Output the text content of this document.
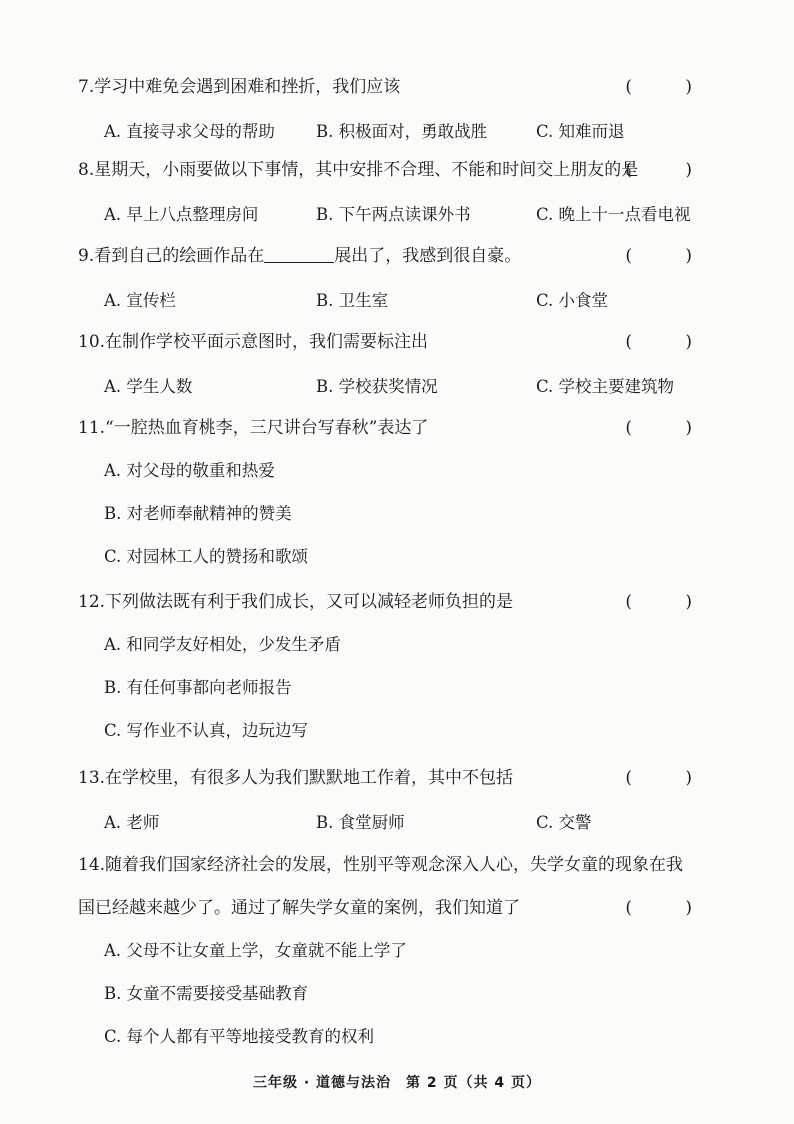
7.学习中难免会遇到困难和挫折，我们应该	( )
A. 直接寻求父母的帮助 B. 积极面对，勇敢战胜	C. 知难而退
8.星期天，小雨要做以下事情，其中安排不合理、不能和时间交上朋友的是
( )
A. 早上八点整理房间	B. 下午两点读课外书	C. 晚上十一点看电视
9.看到自己的绘画作品在	展出了，我感到很自豪。	( )
A. 宣传栏	B. 卫生室	C. 小食堂
10.在制作学校平面示意图时，我们需要标注出	( )
A. 学生人数	B. 学校获奖情况	C. 学校主要建筑物
11.“一腔热血育桃李，三尺讲台写春秋”表达了	( )
A. 对父母的敬重和热爱
B. 对老师奉献精神的赞美
C. 对园林工人的赞扬和歌颂
12.下列做法既有利于我们成长，又可以减轻老师负担的是	( )
A. 和同学友好相处，少发生矛盾
B. 有任何事都向老师报告
C. 写作业不认真，边玩边写
13.在学校里，有很多人为我们默默地工作着，其中不包括	( )
A. 老师	B. 食堂厨师	C. 交警
14.随着我们国家经济社会的发展，性别平等观念深入人心，失学女童的现象在我
国已经越来越少了。通过了解失学女童的案例，我们知道了	( )
A. 父母不让女童上学，女童就不能上学了
B. 女童不需要接受基础教育
C. 每个人都有平等地接受教育的权利
三年级 · 道德与法治　第 2 页（共 4 页）
